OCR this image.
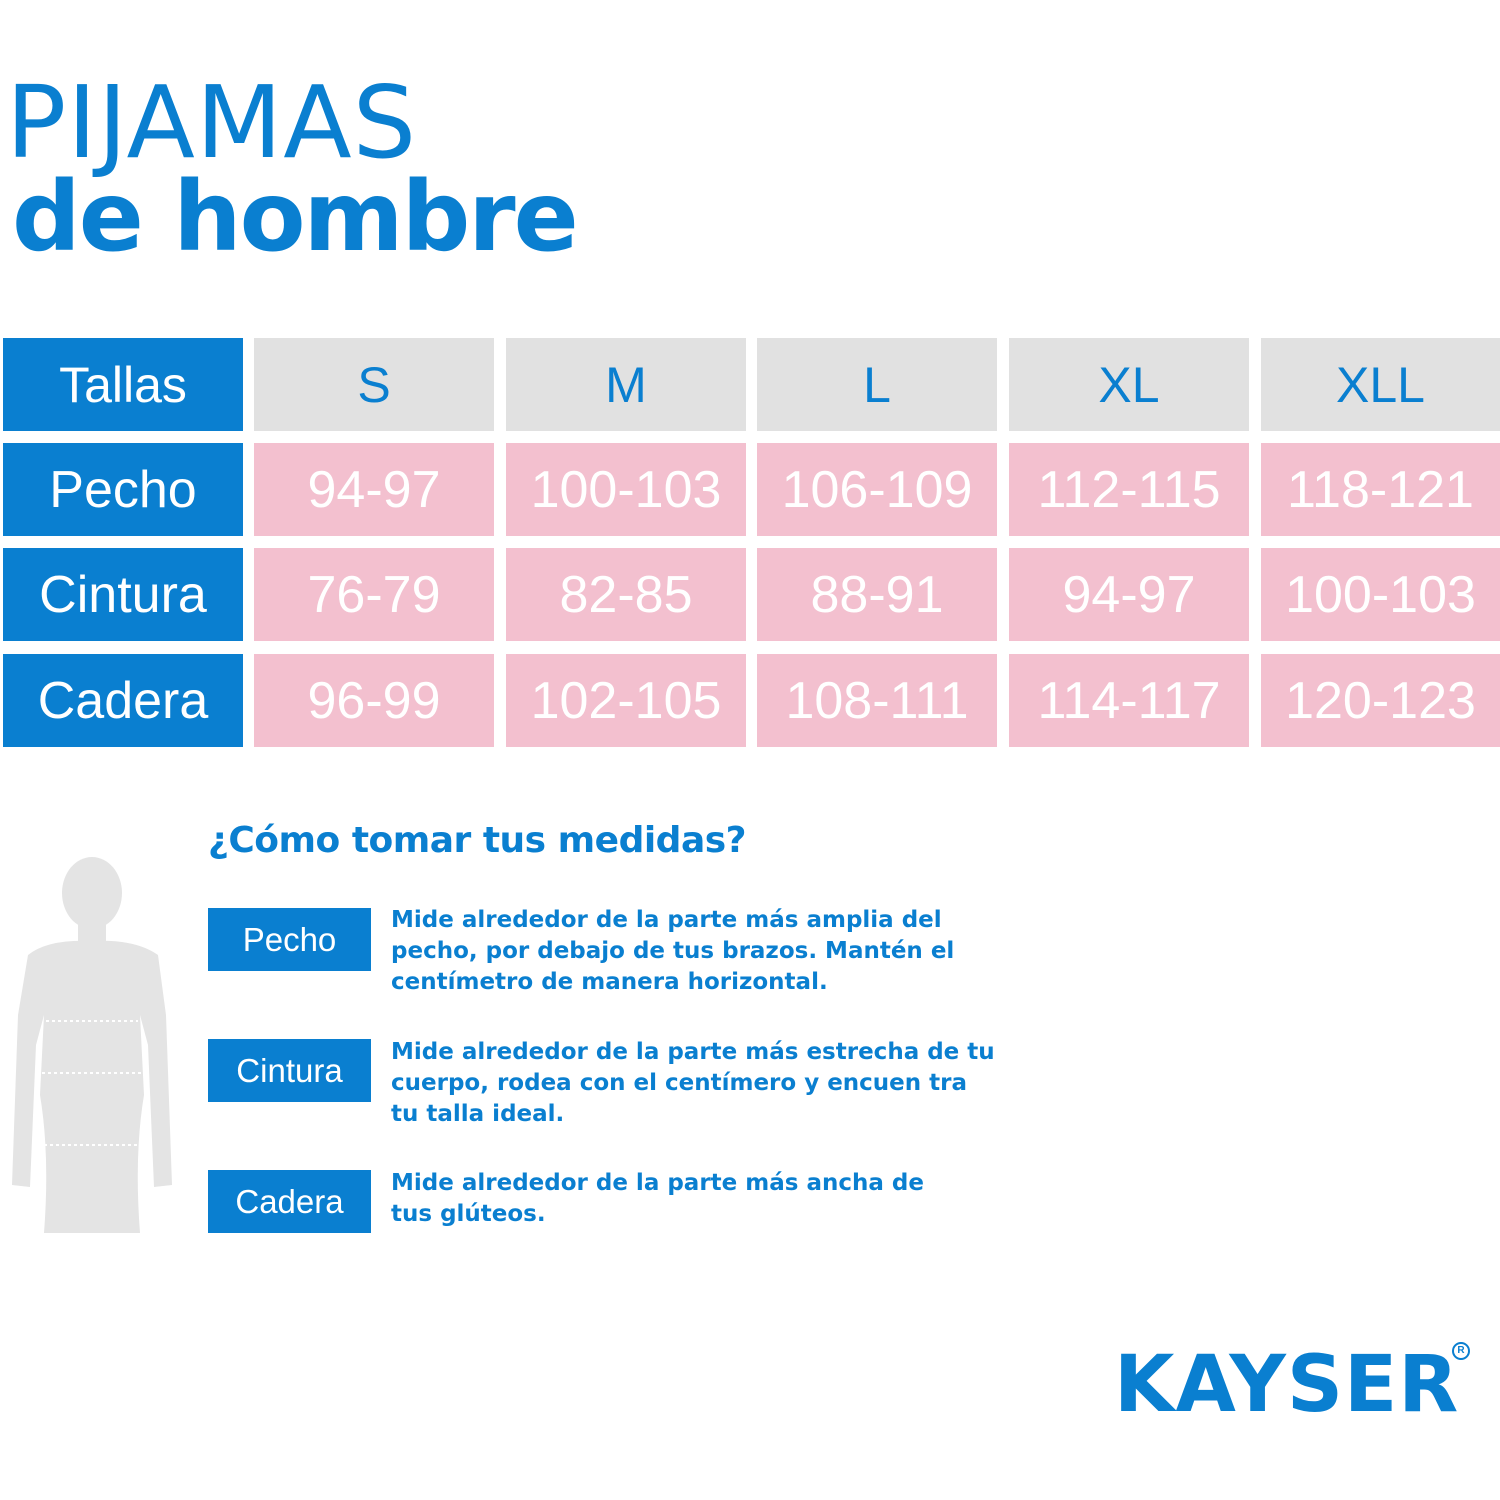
PIJAMAS
de hombre
Tallas	S	M	L	XL	XLL
Pecho	94-97	100-103	106-109	112-115	118-121
Cintura	76-79	82-85	88-91	94-97	100-103
Cadera	96-99	102-105	108-111	114-117	120-123
¿Cómo tomar tus medidas?
Pecho
Mide alrededor de la parte más amplia del pecho, por debajo de tus brazos. Mantén el centímetro de manera horizontal.
Cintura	Mide alrededor de la parte más estrecha de tu cuerpo, rodea con el centímero y encuen tra tu talla ideal.
Cadera	Mide alrededor de la parte más ancha de tus glúteos.
KAYSER
R
